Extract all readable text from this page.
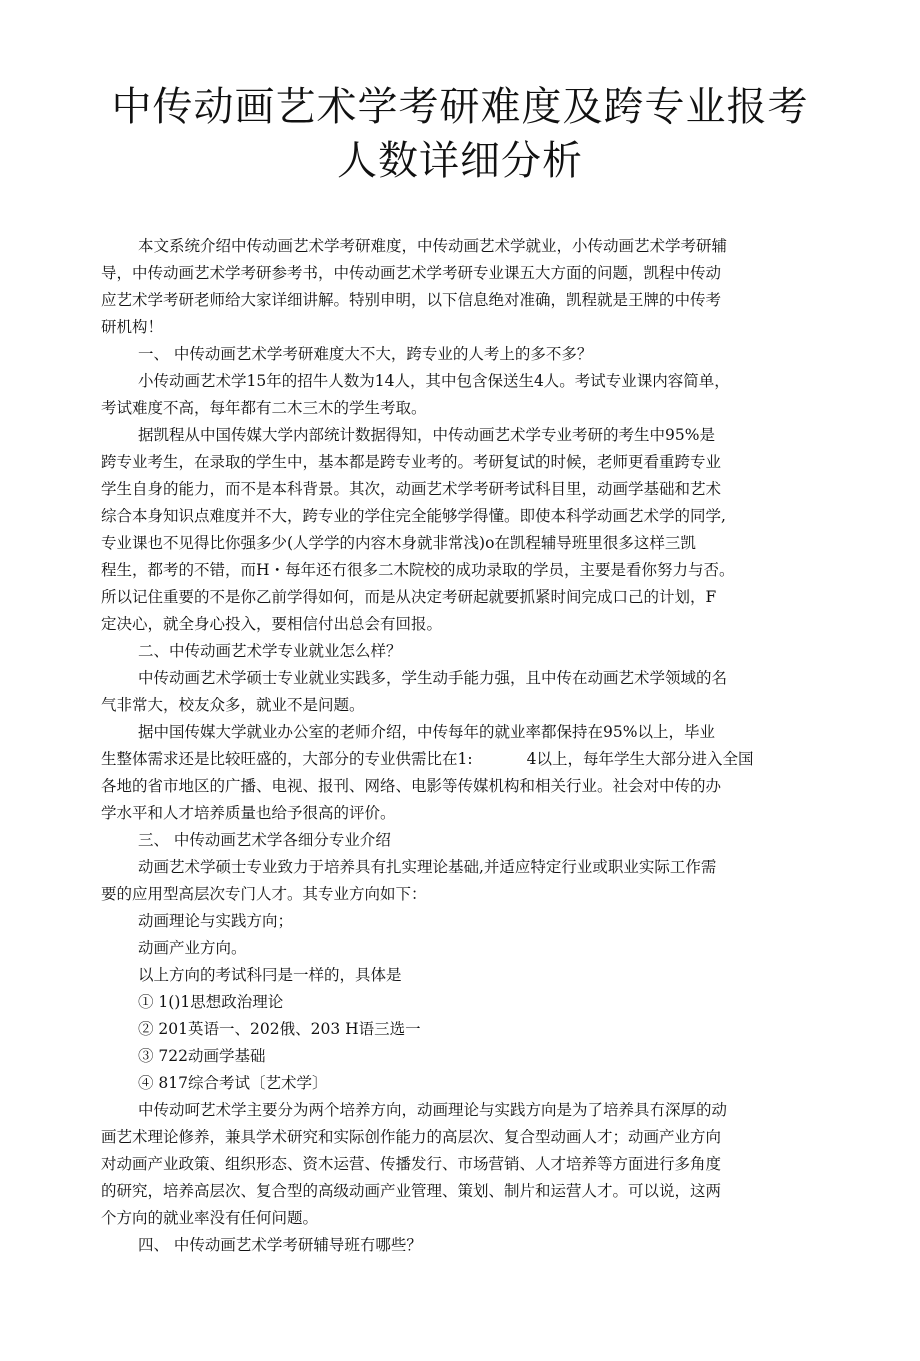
中传动画艺术学考研难度及跨专业报考
人数详细分析
本文系统介绍中传动画艺术学考研难度，中传动画艺术学就业，小传动画艺术学考研辅
导，中传动画艺术学考研参考书，中传动画艺术学考研专业课五大方面的问题，凯程中传动
应艺术学考研老师给大家详细讲解。特别申明，以下信息绝对准确，凯程就是王牌的中传考
研机构！
一、 中传动画艺术学考研难度大不大，跨专业的人考上的多不多？
小传动画艺术学15年的招牛人数为14人，其中包含保送生4人。考试专业课内容简单，
考试难度不高，每年都有二木三木的学生考取。
据凯程从中国传媒大学内部统计数据得知，中传动画艺术学专业考研的考生中95%是
跨专业考生，在录取的学生中，基本都是跨专业考的。考研复试的时候，老师更看重跨专业
学生自身的能力，而不是本科背景。其次，动画艺术学考研考试科目里，动画学基础和艺术
综合本身知识点难度并不大，跨专业的学住完全能够学得懂。即使本科学动画艺术学的同学,
专业课也不见得比你强多少(人学学的内容木身就非常浅)o在凯程辅导班里很多这样三凯
程生，都考的不错，而H・每年还冇很多二木院校的成功录取的学员，主要是看你努力与否。
所以记住重要的不是你乙前学得如何，而是从决定考研起就要抓紧时间完成口己的计划，F
定决心，就全身心投入，要相信付出总会有回报。
二、中传动画艺术学专业就业怎么样？
中传动画艺术学硕士专业就业实践多，学生动手能力强，且中传在动画艺术学领域的名
气非常大，校友众多，就业不是问题。
据中国传媒大学就业办公室的老师介绍，中传每年的就业率都保持在95%以上，毕业
生整体需求还是比较旺盛的，大部分的专业供需比在1:	4以上，每年学生大部分进入全国
各地的省市地区的广播、电视、报刊、网络、电影等传媒机构和相关行业。社会对中传的办
学水平和人才培养质量也给予很高的评价。
三、 中传动画艺术学各细分专业介绍
动画艺术学硕士专业致力于培养具有扎实理论基础,并适应特定行业或职业实际工作需
要的应用型高层次专门人才。其专业方向如下：
动画理论与实践方向；
动画产业方向。
以上方向的考试科冃是一样的，具体是
① 1()1思想政治理论
② 201英语一、202俄、203 H语三选一
③ 722动画学基础
④ 817综合考试〔艺术学〕
中传动呵艺术学主要分为两个培养方向，动画理论与实践方向是为了培养具冇深厚的动
画艺术理论修养，兼具学术研究和实际创作能力的高层次、复合型动画人才；动画产业方向
对动画产业政策、组织形态、资木运营、传播发行、市场营销、人才培养等方面进行多角度
的研究，培养高层次、复合型的高级动画产业管理、策划、制片和运营人才。可以说，这两
个方向的就业率没有任何问题。
四、 中传动画艺术学考研辅导班冇哪些？
